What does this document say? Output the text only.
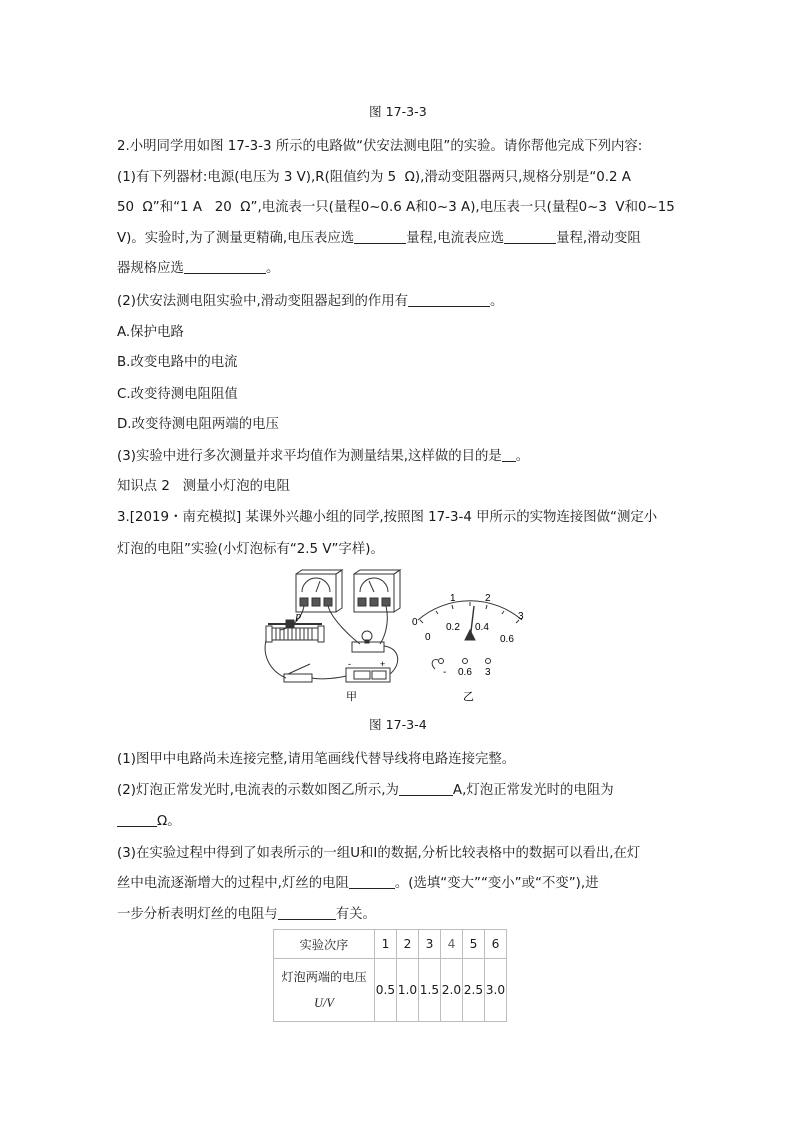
图 17-3-3
2.小明同学用如图 17-3-3 所示的电路做“伏安法测电阻”的实验。请你帮他完成下列内容:
(1)有下列器材:电源(电压为 3 V),R(阻值约为 5  Ω),滑动变阻器两只,规格分别是“0.2 A
50  Ω”和“1 A   20  Ω”,电流表一只(量程0~0.6 A和0~3 A),电压表一只(量程0~3  V和0~15
V)。实验时,为了测量更精确,电压表应选	量程,电流表应选	量程,滑动变阻
器规格应选	。
(2)伏安法测电阻实验中,滑动变阻器起到的作用有	。
A.保护电路
B.改变电路中的电流
C.改变待测电阻阻值
D.改变待测电阻两端的电压
(3)实验中进行多次测量并求平均值作为测量结果,这样做的目的是 。
知识点 2   测量小灯泡的电阻
3.[2019・南充模拟] 某课外兴趣小组的同学,按照图 17-3-4 甲所示的实物连接图做“测定小
灯泡的电阻”实验(小灯泡标有“2.5 V”字样)。
P
-	+
甲
0
1	2
3
0
0.2 0.4
0.6
- 0.6 3
乙
图 17-3-4
(1)图甲中电路尚未连接完整,请用笔画线代替导线将电路连接完整。
(2)灯泡正常发光时,电流表的示数如图乙所示,为	A,灯泡正常发光时的电阻为
Ω。
(3)在实验过程中得到了如表所示的一组U和I的数据,分析比较表格中的数据可以看出,在灯
丝中电流逐渐增大的过程中,灯丝的电阻	。(选填“变大”“变小”或“不变”),进
一步分析表明灯丝的电阻与	有关。
实验次序	1	2	3	4	5	6

灯泡两端的电压
U/V	0.5	1.0	1.5	2.0	2.5	3.0
